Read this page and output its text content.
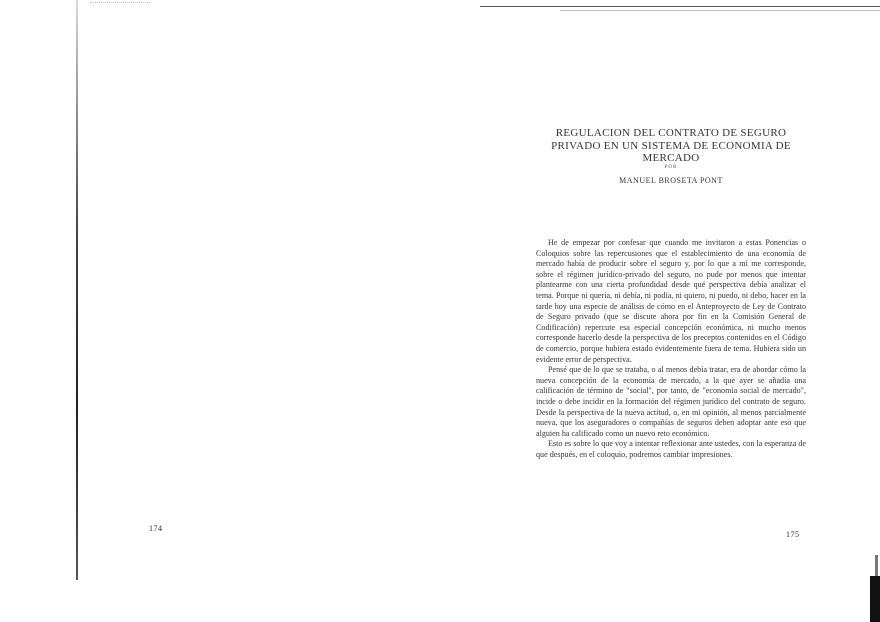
174
REGULACION DEL CONTRATO DE SEGURO PRIVADO EN UN SISTEMA DE ECONOMIA DE MERCADO
POR
MANUEL BROSETA PONT

He de empezar por confesar que cuando me invitaron a estas Ponencias o Coloquios sobre las repercusiones que el establecimiento de una economía de mercado había de producir sobre el seguro y, por lo que a mí me corresponde, sobre el régimen jurídico-privado del seguro, no pude por menos que intentar plantearme con una cierta profundidad desde qué perspectiva debía analizar el tema. Porque ni quería, ni debía, ni podía, ni quiero, ni puedo, ni debo, hacer en la tarde hoy una especie de análisis de cómo en el Anteproyecto de Ley de Contrato de Seguro privado (que se discute ahora por fin en la Comisión General de Codificación) repercute esa especial concepción económica, ni mucho menos corresponde hacerlo desde la perspectiva de los preceptos contenidos en el Código de comercio, porque hubiera estado evidentemente fuera de tema. Hubiera sido un evidente error de perspectiva.

Pensé que de lo que se trataba, o al menos debía tratar, era de abordar cómo la nueva concepción de la economía de mercado, a la que ayer se añadía una calificación de término de "social", por tanto, de "economía social de mercado", incide o debe incidir en la formación del régimen jurídico del contrato de seguro. Desde la perspectiva de la nueva actitud, o, en mi opinión, al menos parcialmente nueva, que los aseguradores o compañías de seguros deben adoptar ante eso que alguien ha calificado como un nuevo reto económico.

Esto es sobre lo que voy a intentar reflexionar ante ustedes, con la esperanza de que después, en el coloquio, podremos cambiar impresiones.

175
